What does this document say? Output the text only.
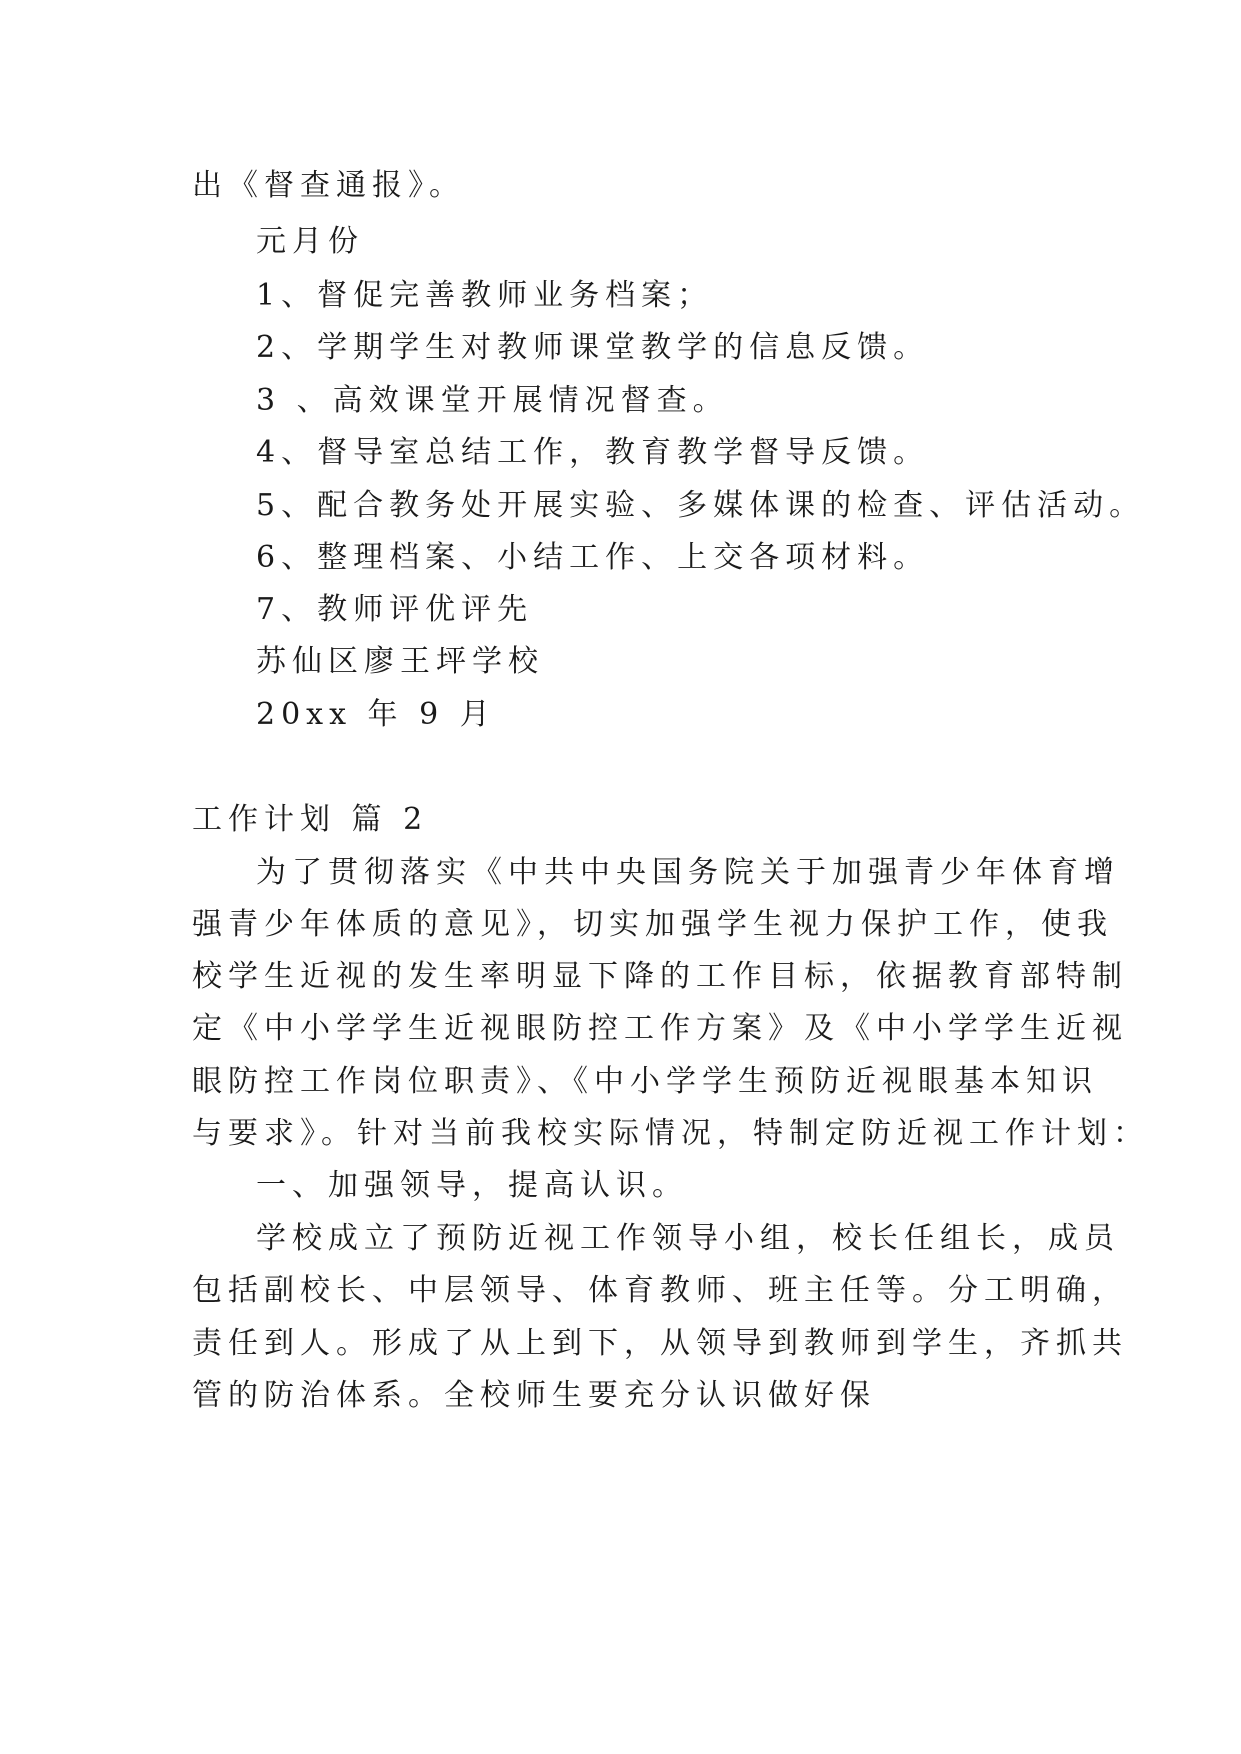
出《督查通报》。
元月份
1、督促完善教师业务档案；
2、学期学生对教师课堂教学的信息反馈。
3 、高效课堂开展情况督查。
4、督导室总结工作，教育教学督导反馈。
5、配合教务处开展实验、多媒体课的检查、评估活动。
6、整理档案、小结工作、上交各项材料。
7、教师评优评先
苏仙区廖王坪学校
20xx 年 9 月
工作计划 篇 2
为了贯彻落实《中共中央国务院关于加强青少年体育增
强青少年体质的意见》，切实加强学生视力保护工作，使我
校学生近视的发生率明显下降的工作目标，依据教育部特制
定《中小学学生近视眼防控工作方案》及《中小学学生近视
眼防控工作岗位职责》、《中小学学生预防近视眼基本知识
与要求》。针对当前我校实际情况，特制定防近视工作计划：
一、加强领导，提高认识。
学校成立了预防近视工作领导小组，校长任组长，成员
包括副校长、中层领导、体育教师、班主任等。分工明确，
责任到人。形成了从上到下，从领导到教师到学生，齐抓共
管的防治体系。全校师生要充分认识做好保
